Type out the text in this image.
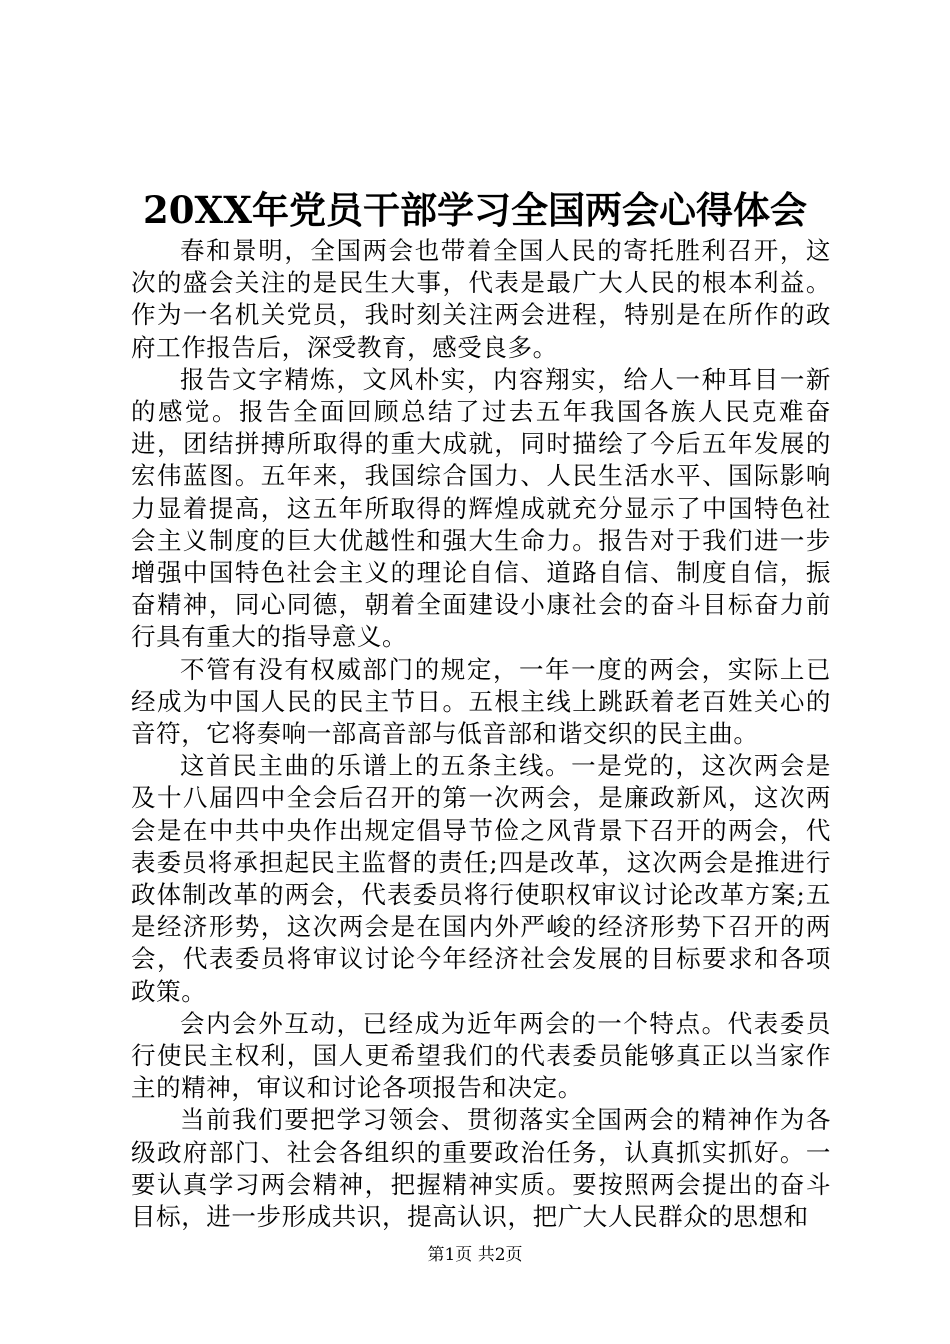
20XX年党员干部学习全国两会心得体会

春和景明，全国两会也带着全国人民的寄托胜利召开，这次的盛会关注的是民生大事，代表是最广大人民的根本利益。作为一名机关党员，我时刻关注两会进程，特别是在所作的政府工作报告后，深受教育，感受良多。

报告文字精炼，文风朴实，内容翔实，给人一种耳目一新的感觉。报告全面回顾总结了过去五年我国各族人民克难奋进，团结拼搏所取得的重大成就，同时描绘了今后五年发展的宏伟蓝图。五年来，我国综合国力、人民生活水平、国际影响力显着提高，这五年所取得的辉煌成就充分显示了中国特色社会主义制度的巨大优越性和强大生命力。报告对于我们进一步增强中国特色社会主义的理论自信、道路自信、制度自信，振奋精神，同心同德，朝着全面建设小康社会的奋斗目标奋力前行具有重大的指导意义。

不管有没有权威部门的规定，一年一度的两会，实际上已经成为中国人民的民主节日。五根主线上跳跃着老百姓关心的音符，它将奏响一部高音部与低音部和谐交织的民主曲。

这首民主曲的乐谱上的五条主线。一是党的，这次两会是及十八届四中全会后召开的第一次两会，是廉政新风，这次两会是在中共中央作出规定倡导节俭之风背景下召开的两会，代表委员将承担起民主监督的责任;四是改革，这次两会是推进行政体制改革的两会，代表委员将行使职权审议讨论改革方案;五是经济形势，这次两会是在国内外严峻的经济形势下召开的两会，代表委员将审议讨论今年经济社会发展的目标要求和各项政策。

会内会外互动，已经成为近年两会的一个特点。代表委员行使民主权利，国人更希望我们的代表委员能够真正以当家作主的精神，审议和讨论各项报告和决定。

当前我们要把学习领会、贯彻落实全国两会的精神作为各级政府部门、社会各组织的重要政治任务，认真抓实抓好。一要认真学习两会精神，把握精神实质。要按照两会提出的奋斗目标，进一步形成共识，提高认识，把广大人民群众的思想和

第1页 共2页
